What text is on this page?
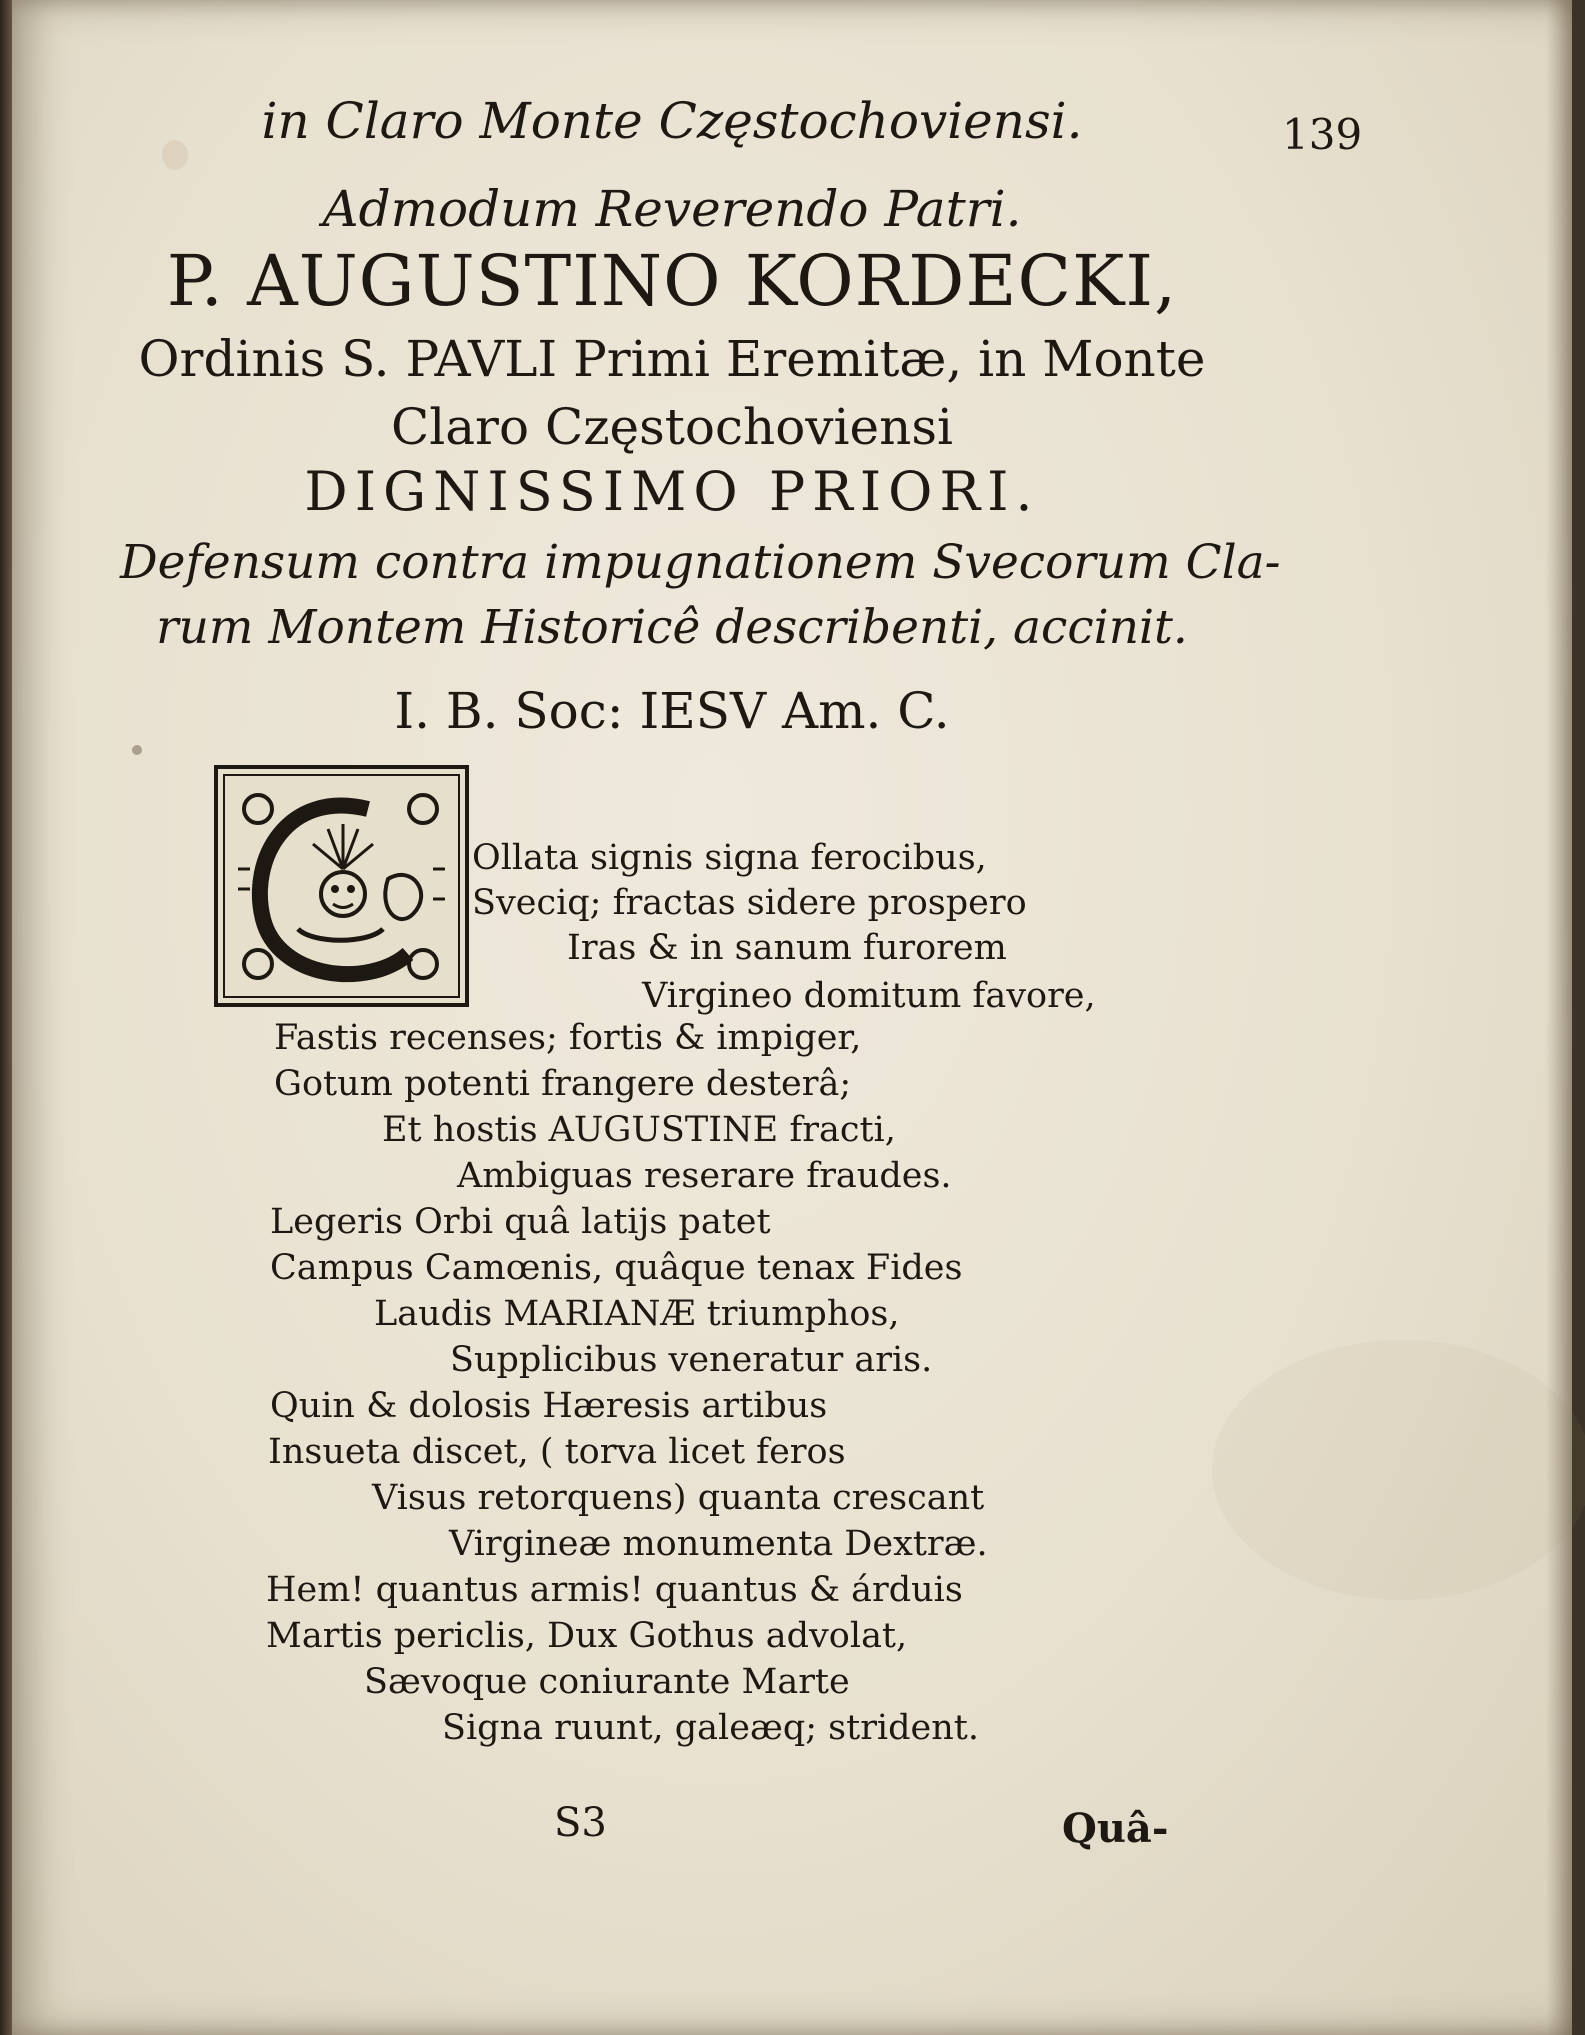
in Claro Monte Częstochoviensi.	139
Admodum Reverendo Patri.
P. AUGUSTINO KORDECKI,
Ordinis S. PAVLI Primi Eremitæ, in Monte
Claro Częstochoviensi
DIGNISSIMO PRIORI.
Defensum contra impugnationem Svecorum Cla-
rum Montem Historicê describenti, accinit.
I. B. Soc: IESV Am. C.
Ollata signis signa ferocibus,
Sveciq; fractas sidere prospero
Iras & in sanum furorem
Virgineo domitum favore,
Fastis recenses; fortis & impiger,
Gotum potenti frangere desterâ;
Et hostis AUGUSTINE fracti,
Ambiguas reserare fraudes.
Legeris Orbi quâ latijs patet
Campus Camœnis, quâque tenax Fides
Laudis MARIANÆ triumphos,
Supplicibus veneratur aris.
Quin & dolosis Hæresis artibus
Insueta discet, ( torva licet feros
Visus retorquens) quanta crescant
Virgineæ monumenta Dextræ.
Hem! quantus armis! quantus & árduis
Martis periclis, Dux Gothus advolat,
Sævoque coniurante Marte
Signa ruunt, galeæq; strident.
S3	Quâ-
